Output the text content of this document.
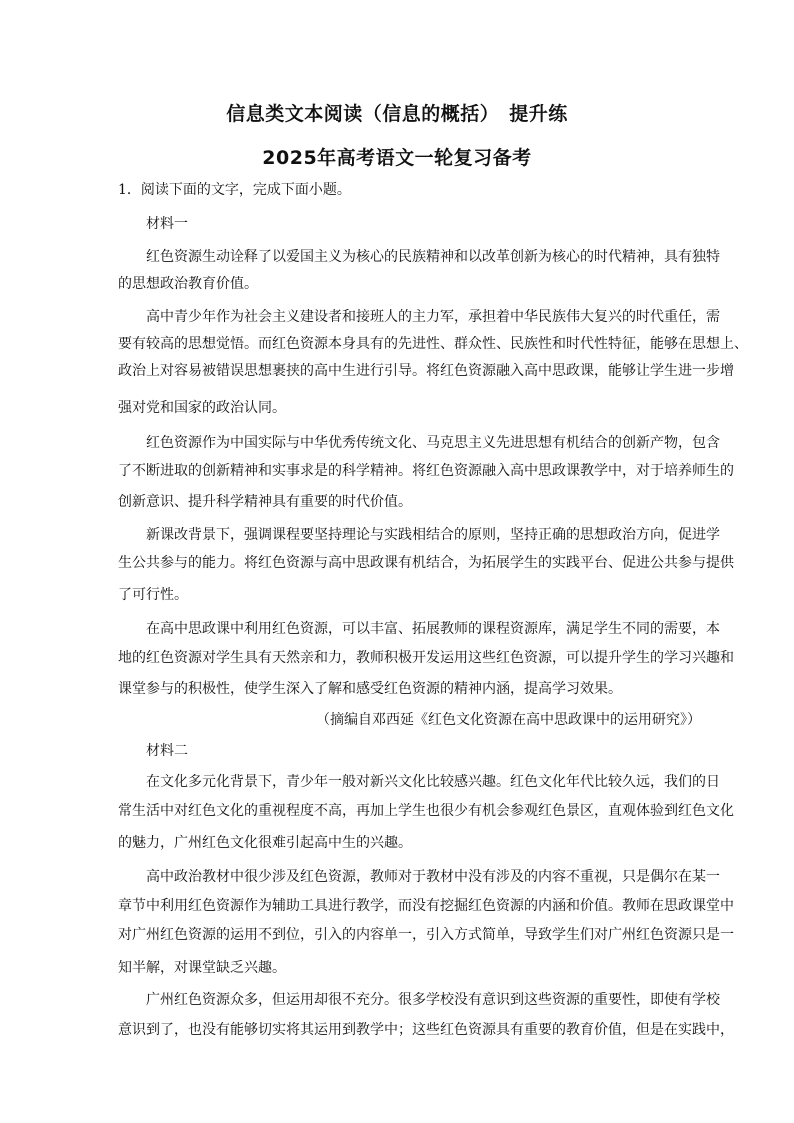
信息类文本阅读（信息的概括）　提升练
2025年高考语文一轮复习备考
1．阅读下面的文字，完成下面小题。
材料一
红色资源生动诠释了以爱国主义为核心的民族精神和以改革创新为核心的时代精神，具有独特
的思想政治教育价值。
高中青少年作为社会主义建设者和接班人的主力军，承担着中华民族伟大复兴的时代重任，需
要有较高的思想觉悟。而红色资源本身具有的先进性、群众性、民族性和时代性特征，能够在思想上、
政治上对容易被错误思想裹挟的高中生进行引导。将红色资源融入高中思政课，能够让学生进一步增
强对党和国家的政治认同。
红色资源作为中国实际与中华优秀传统文化、马克思主义先进思想有机结合的创新产物，包含
了不断进取的创新精神和实事求是的科学精神。将红色资源融入高中思政课教学中，对于培养师生的
创新意识、提升科学精神具有重要的时代价值。
新课改背景下，强调课程要坚持理论与实践相结合的原则，坚持正确的思想政治方向，促进学
生公共参与的能力。将红色资源与高中思政课有机结合，为拓展学生的实践平台、促进公共参与提供
了可行性。
在高中思政课中利用红色资源，可以丰富、拓展教师的课程资源库，满足学生不同的需要，本
地的红色资源对学生具有天然亲和力，教师积极开发运用这些红色资源，可以提升学生的学习兴趣和
课堂参与的积极性，使学生深入了解和感受红色资源的精神内涵，提高学习效果。
（摘编自邓西延《红色文化资源在高中思政课中的运用研究》）
材料二
在文化多元化背景下，青少年一般对新兴文化比较感兴趣。红色文化年代比较久远，我们的日
常生活中对红色文化的重视程度不高，再加上学生也很少有机会参观红色景区，直观体验到红色文化
的魅力，广州红色文化很难引起高中生的兴趣。
高中政治教材中很少涉及红色资源，教师对于教材中没有涉及的内容不重视，只是偶尔在某一
章节中利用红色资源作为辅助工具进行教学，而没有挖掘红色资源的内涵和价值。教师在思政课堂中
对广州红色资源的运用不到位，引入的内容单一，引入方式简单，导致学生们对广州红色资源只是一
知半解，对课堂缺乏兴趣。
广州红色资源众多，但运用却很不充分。很多学校没有意识到这些资源的重要性，即使有学校
意识到了，也没有能够切实将其运用到教学中；这些红色资源具有重要的教育价值，但是在实践中，
